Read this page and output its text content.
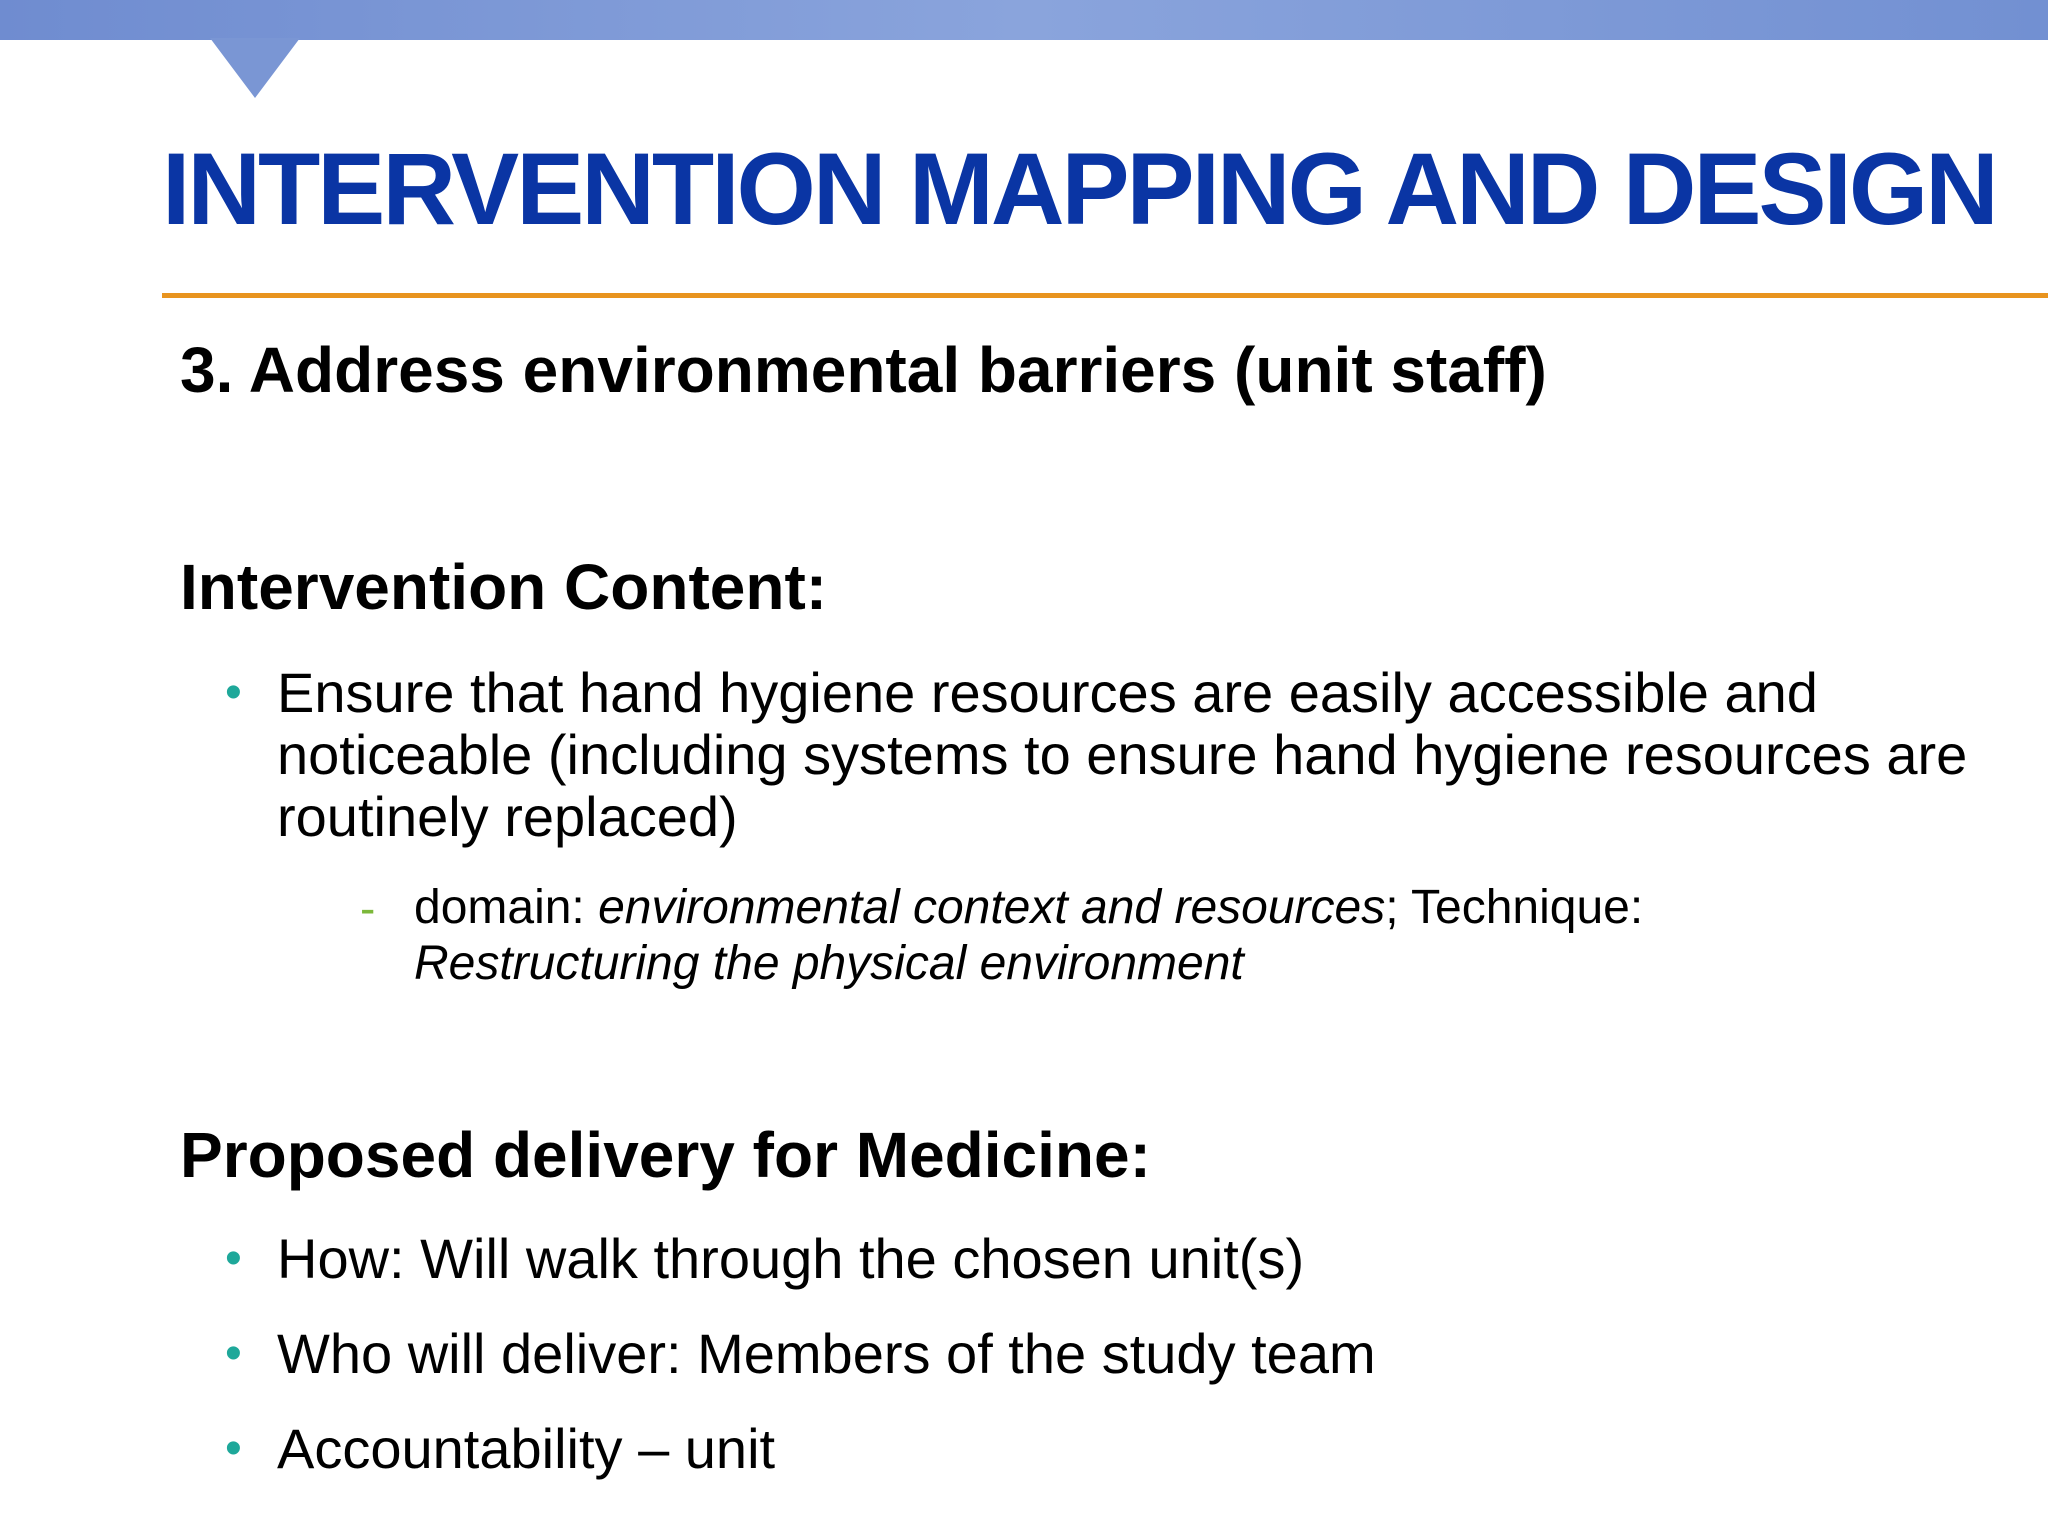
INTERVENTION MAPPING AND DESIGN
3. Address environmental barriers (unit staff)
Intervention Content:
• Ensure that hand hygiene resources are easily accessible and noticeable (including systems to ensure hand hygiene resources are routinely replaced)
- domain: environmental context and resources; Technique:
Restructuring the physical environment
Proposed delivery for Medicine:
• How: Will walk through the chosen unit(s)
• Who will deliver: Members of the study team
• Accountability – unit
